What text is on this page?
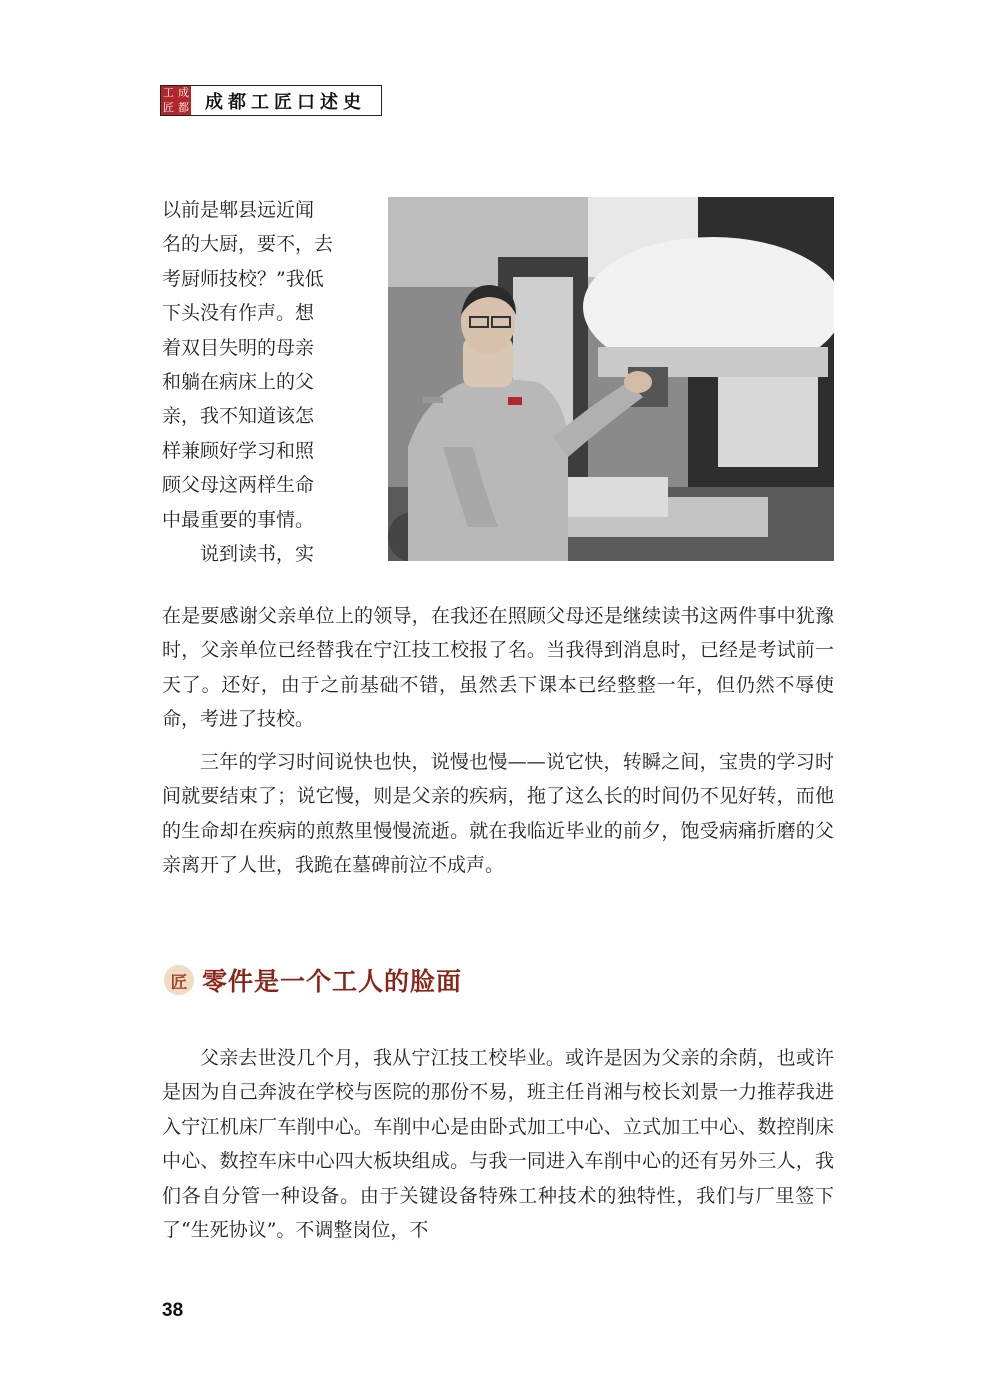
工 成
匠 都 成都工匠口述史

以前是郫县远近闻

名的大厨，要不，去

考厨师技校？”我低

下头没有作声。想

着双目失明的母亲

和躺在病床上的父

亲，我不知道该怎

样兼顾好学习和照

顾父母这两样生命

中最重要的事情。

说到读书，实

在是要感谢父亲单位上的领导，在我还在照顾父母还是继续读书这两件事中犹豫时，父亲单位已经替我在宁江技工校报了名。当我得到消息时，已经是考试前一天了。还好，由于之前基础不错，虽然丢下课本已经整整一年，但仍然不辱使命，考进了技校。

三年的学习时间说快也快，说慢也慢——说它快，转瞬之间，宝贵的学习时间就要结束了；说它慢，则是父亲的疾病，拖了这么长的时间仍不见好转，而他的生命却在疾病的煎熬里慢慢流逝。就在我临近毕业的前夕，饱受病痛折磨的父亲离开了人世，我跪在墓碑前泣不成声。

匠 零件是一个工人的脸面

父亲去世没几个月，我从宁江技工校毕业。或许是因为父亲的余荫，也或许是因为自己奔波在学校与医院的那份不易，班主任肖湘与校长刘景一力推荐我进入宁江机床厂车削中心。车削中心是由卧式加工中心、立式加工中心、数控削床中心、数控车床中心四大板块组成。与我一同进入车削中心的还有另外三人，我们各自分管一种设备。由于关键设备特殊工种技术的独特性，我们与厂里签下了“生死协议”。不调整岗位，不

38
